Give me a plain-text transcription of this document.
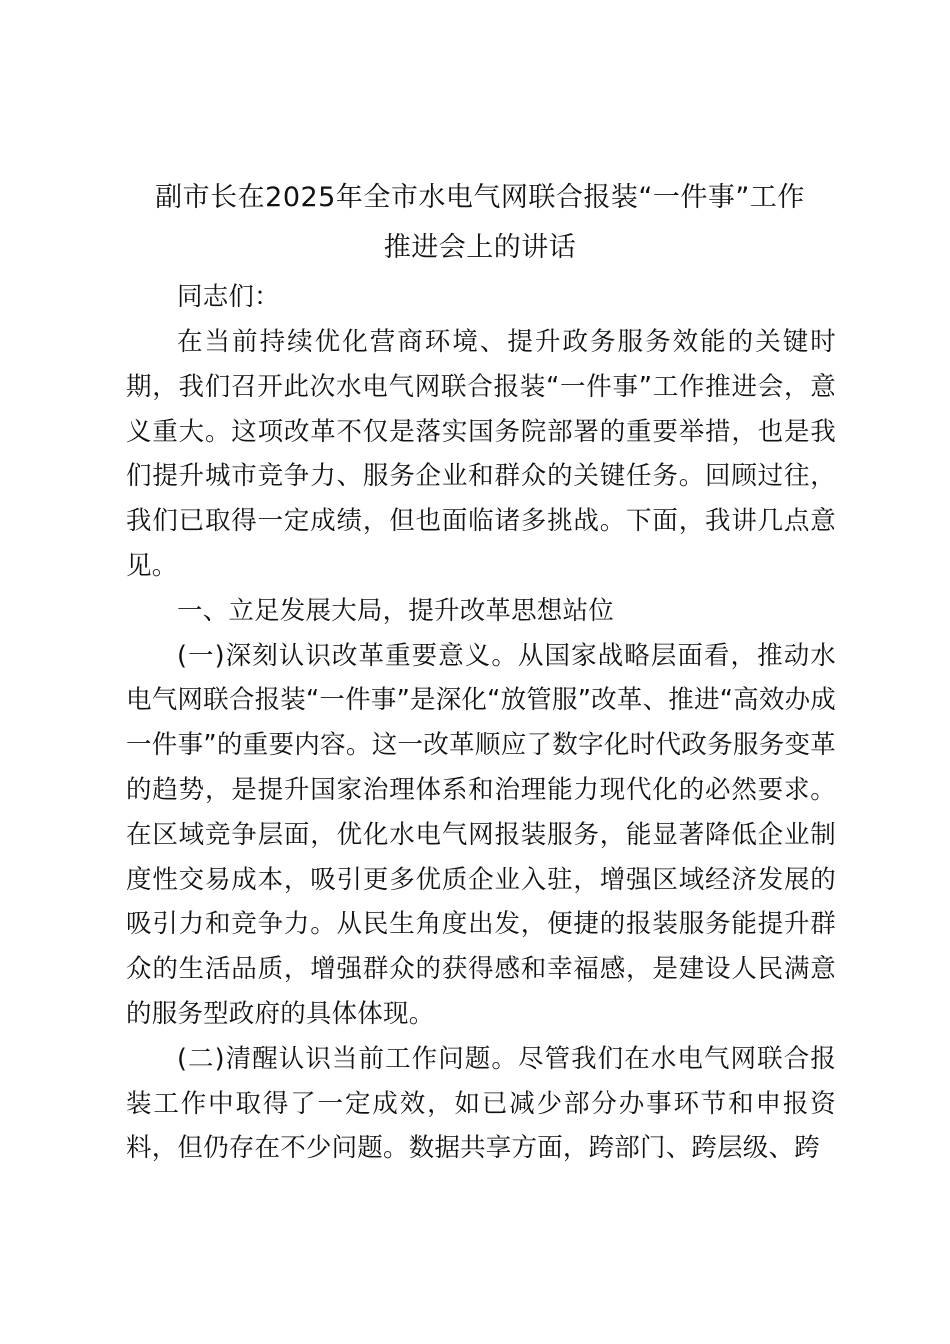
副市长在2025年全市水电气网联合报装“一件事”工作
推进会上的讲话

同志们：

在当前持续优化营商环境、提升政务服务效能的关键时期，我们召开此次水电气网联合报装“一件事”工作推进会，意义重大。这项改革不仅是落实国务院部署的重要举措，也是我们提升城市竞争力、服务企业和群众的关键任务。回顾过往，我们已取得一定成绩，但也面临诸多挑战。下面，我讲几点意见。

一、立足发展大局，提升改革思想站位

(一)深刻认识改革重要意义。从国家战略层面看，推动水电气网联合报装“一件事”是深化“放管服”改革、推进“高效办成一件事”的重要内容。这一改革顺应了数字化时代政务服务变革的趋势，是提升国家治理体系和治理能力现代化的必然要求。在区域竞争层面，优化水电气网报装服务，能显著降低企业制度性交易成本，吸引更多优质企业入驻，增强区域经济发展的吸引力和竞争力。从民生角度出发，便捷的报装服务能提升群众的生活品质，增强群众的获得感和幸福感，是建设人民满意的服务型政府的具体体现。

(二)清醒认识当前工作问题。尽管我们在水电气网联合报装工作中取得了一定成效，如已减少部分办事环节和申报资料，但仍存在不少问题。数据共享方面，跨部门、跨层级、跨
